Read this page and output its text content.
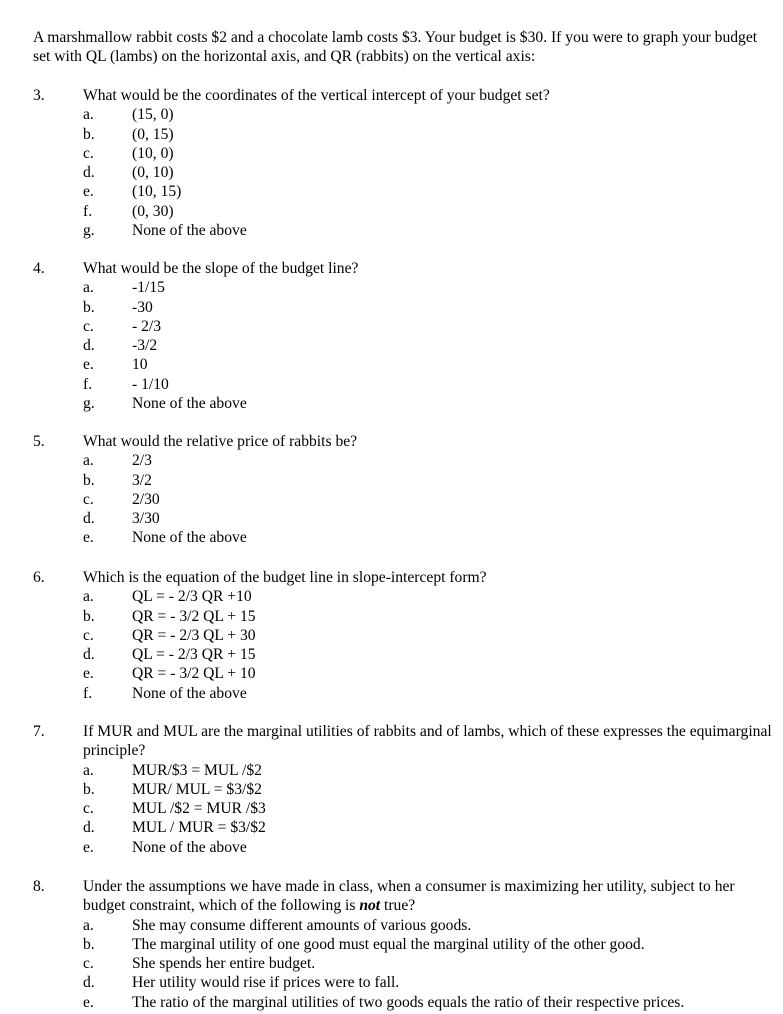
A marshmallow rabbit costs $2 and a chocolate lamb costs $3. Your budget is $30. If you were to graph your budget set with QL (lambs) on the horizontal axis, and QR (rabbits) on the vertical axis:

3. What would be the coordinates of the vertical intercept of your budget set?
a. (15, 0)
b. (0, 15)
c. (10, 0)
d. (0, 10)
e. (10, 15)
f.	(0, 30)
g. None of the above
4. What would be the slope of the budget line?
a. -1/15
b. -30
c. - 2/3
d. -3/2
e. 10
f.	- 1/10
g. None of the above
5. What would the relative price of rabbits be?
a. 2/3
b. 3/2
c. 2/30
d. 3/30
e. None of the above
6. Which is the equation of the budget line in slope-intercept form?
a. QL = - 2/3 QR +10
b. QR = - 3/2 QL + 15
c. QR = - 2/3 QL + 30
d. QL = - 2/3 QR + 15
e. QR = - 3/2 QL + 10
f.	None of the above
7. If MUR and MUL are the marginal utilities of rabbits and of lambs, which of these expresses the equimarginal principle?
a. MUR/$3 = MUL /$2
b. MUR/ MUL = $3/$2
c. MUL /$2 = MUR /$3
d. MUL / MUR = $3/$2
e. None of the above
8. Under the assumptions we have made in class, when a consumer is maximizing her utility, subject to her budget constraint, which of the following is not true?
a. She may consume different amounts of various goods.
b. The marginal utility of one good must equal the marginal utility of the other good.
c. She spends her entire budget.
d. Her utility would rise if prices were to fall.
e. The ratio of the marginal utilities of two goods equals the ratio of their respective prices.
